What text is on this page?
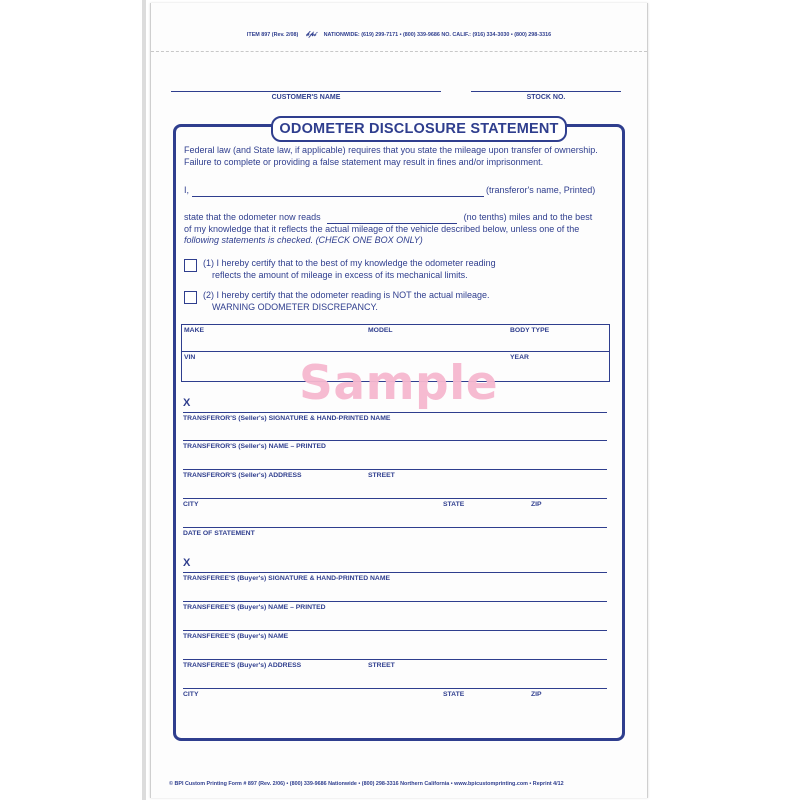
ITEM 897 (Rev. 2/08) 𝒷𝓅𝒾 NATIONWIDE: (619) 299-7171 • (800) 339-9686 NO. CALIF.: (916) 334-3030 • (800) 298-3316
CUSTOMER'S NAME	STOCK NO.
ODOMETER DISCLOSURE STATEMENT
Federal law (and State law, if applicable) requires that you state the mileage upon transfer of ownership.
Failure to complete or providing a false statement may result in fines and/or imprisonment.
I,	(transferor's name, Printed)
state that the odometer now reads	(no tenths) miles and to the best
of my knowledge that it reflects the actual mileage of the vehicle described below, unless one of the
following statements is checked. (CHECK ONE BOX ONLY)
(1) I hereby certify that to the best of my knowledge the odometer reading
reflects the amount of mileage in excess of its mechanical limits.
(2) I hereby certify that the odometer reading is NOT the actual mileage.
WARNING ODOMETER DISCREPANCY.
MAKE	MODEL	BODY TYPE
VIN	YEAR
Sample
X
TRANSFEROR'S (Seller's) SIGNATURE & HAND-PRINTED NAME
TRANSFEROR'S (Seller's) NAME – PRINTED
TRANSFEROR'S (Seller's) ADDRESS	STREET
CITY	STATE	ZIP
DATE OF STATEMENT
X
TRANSFEREE'S (Buyer's) SIGNATURE & HAND-PRINTED NAME
TRANSFEREE'S (Buyer's) NAME – PRINTED
TRANSFEREE'S (Buyer's) NAME
TRANSFEREE'S (Buyer's) ADDRESS	STREET
CITY	STATE	ZIP
© BPI Custom Printing Form # 897 (Rev. 2/06) • (800) 339-9686 Nationwide • (800) 298-3316 Northern California • www.bpicustomprinting.com • Reprint 4/12
